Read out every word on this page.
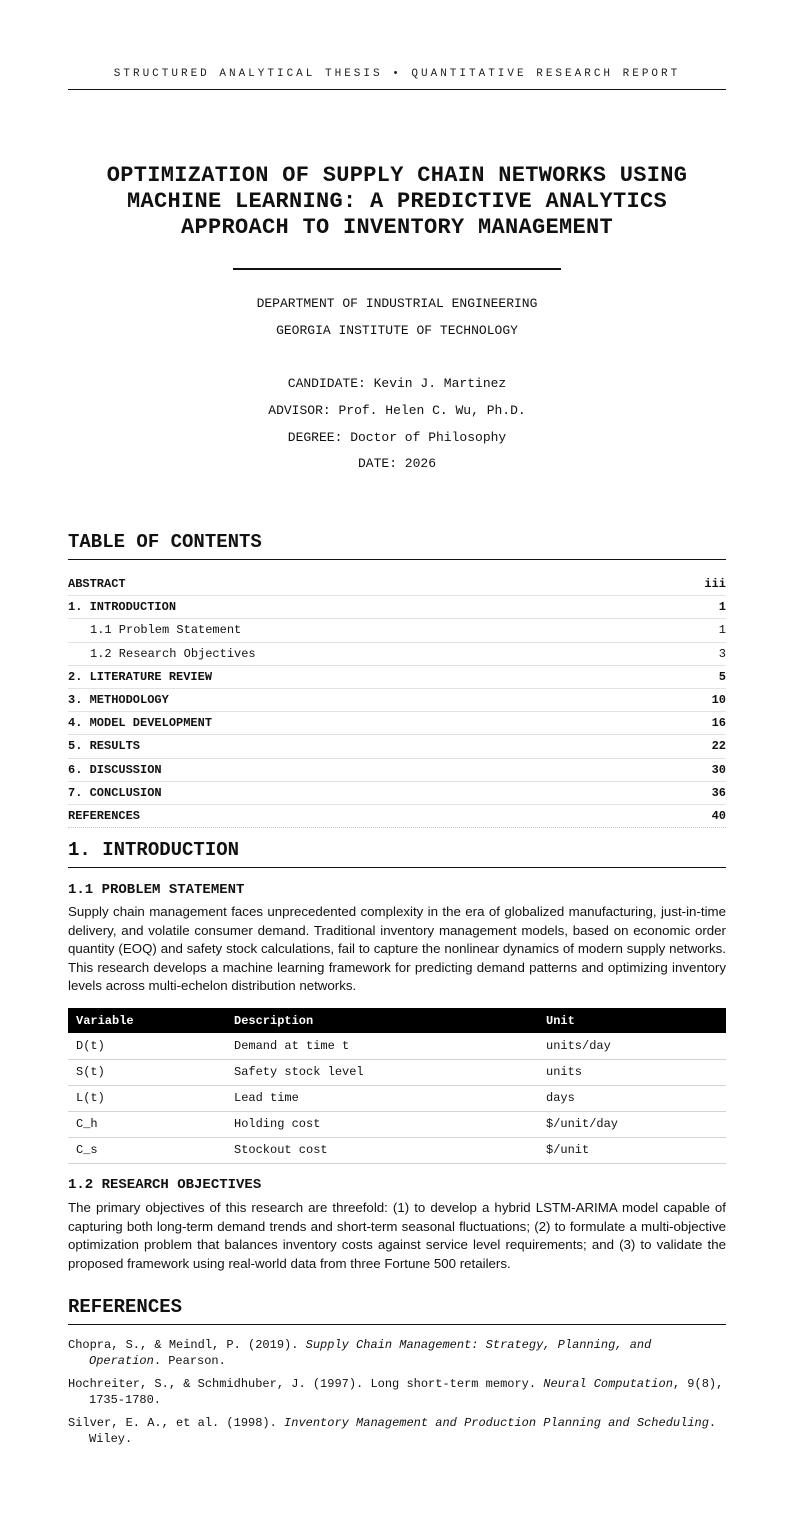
STRUCTURED ANALYTICAL THESIS • QUANTITATIVE RESEARCH REPORT
OPTIMIZATION OF SUPPLY CHAIN NETWORKS USING
MACHINE LEARNING: A PREDICTIVE ANALYTICS
APPROACH TO INVENTORY MANAGEMENT
DEPARTMENT OF INDUSTRIAL ENGINEERING
GEORGIA INSTITUTE OF TECHNOLOGY
CANDIDATE: Kevin J. Martinez
ADVISOR: Prof. Helen C. Wu, Ph.D.
DEGREE: Doctor of Philosophy
DATE: 2026
TABLE OF CONTENTS
ABSTRACT	iii
1. INTRODUCTION	1
1.1 Problem Statement	1
1.2 Research Objectives	3
2. LITERATURE REVIEW	5
3. METHODOLOGY	10
4. MODEL DEVELOPMENT	16
5. RESULTS	22
6. DISCUSSION	30
7. CONCLUSION	36
REFERENCES	40
1. INTRODUCTION
1.1 PROBLEM STATEMENT

Supply chain management faces unprecedented complexity in the era of globalized manufacturing, just-in-time delivery, and volatile consumer demand. Traditional inventory management models, based on economic order quantity (EOQ) and safety stock calculations, fail to capture the nonlinear dynamics of modern supply networks. This research develops a machine learning framework for predicting demand patterns and optimizing inventory levels across multi-echelon distribution networks.

Variable	Description	Unit
D(t)	Demand at time t	units/day
S(t)	Safety stock level	units
L(t)	Lead time	days
C_h	Holding cost	$/unit/day
C_s	Stockout cost	$/unit
1.2 RESEARCH OBJECTIVES

The primary objectives of this research are threefold: (1) to develop a hybrid LSTM-ARIMA model capable of capturing both long-term demand trends and short-term seasonal fluctuations; (2) to formulate a multi-objective optimization problem that balances inventory costs against service level requirements; and (3) to validate the proposed framework using real-world data from three Fortune 500 retailers.

REFERENCES
Chopra, S., & Meindl, P. (2019). Supply Chain Management: Strategy, Planning, and
Operation. Pearson.
Hochreiter, S., & Schmidhuber, J. (1997). Long short-term memory. Neural Computation, 9(8),
1735-1780.
Silver, E. A., et al. (1998). Inventory Management and Production Planning and Scheduling.
Wiley.
